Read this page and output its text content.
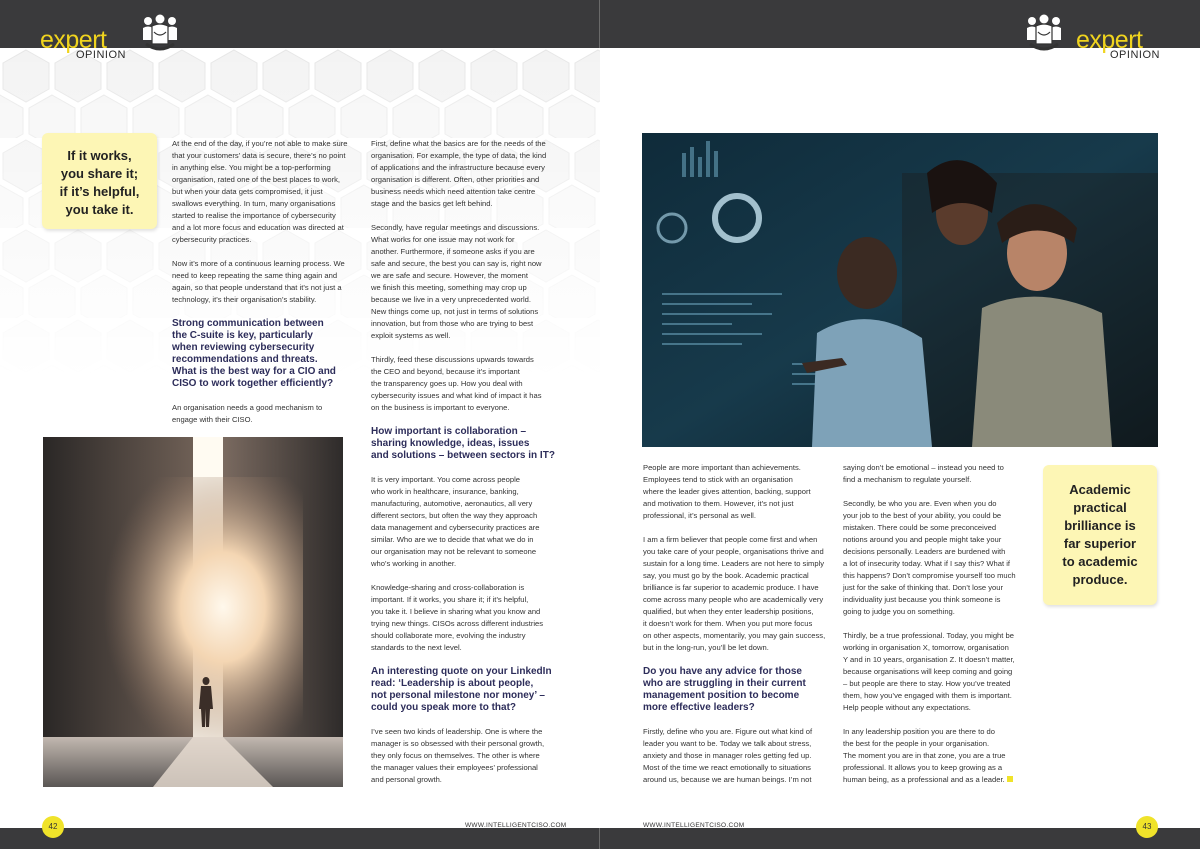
expert
OPINION
expert
OPINION
If it works,
you share it;
if it’s helpful,
you take it.

At the end of the day, if you’re not able to make sure
that your customers’ data is secure, there’s no point
in anything else. You might be a top-performing
organisation, rated one of the best places to work,
but when your data gets compromised, it just
swallows everything. In turn, many organisations
started to realise the importance of cybersecurity
and a lot more focus and education was directed at
cybersecurity practices.

Now it’s more of a continuous learning process. We
need to keep repeating the same thing again and
again, so that people understand that it’s not just a
technology, it’s their organisation’s stability.

Strong communication between
the C-suite is key, particularly
when reviewing cybersecurity
recommendations and threats.
What is the best way for a CIO and
CISO to work together efficiently?

An organisation needs a good mechanism to
engage with their CISO.

First, define what the basics are for the needs of the
organisation. For example, the type of data, the kind
of applications and the infrastructure because every
organisation is different. Often, other priorities and
business needs which need attention take centre
stage and the basics get left behind.

Secondly, have regular meetings and discussions.
What works for one issue may not work for
another. Furthermore, if someone asks if you are
safe and secure, the best you can say is, right now
we are safe and secure. However, the moment
we finish this meeting, something may crop up
because we live in a very unprecedented world.
New things come up, not just in terms of solutions
innovation, but from those who are trying to best
exploit systems as well.

Thirdly, feed these discussions upwards towards
the CEO and beyond, because it’s important
the transparency goes up. How you deal with
cybersecurity issues and what kind of impact it has
on the business is important to everyone.

How important is collaboration –
sharing knowledge, ideas, issues
and solutions – between sectors in IT?

It is very important. You come across people
who work in healthcare, insurance, banking,
manufacturing, automotive, aeronautics, all very
different sectors, but often the way they approach
data management and cybersecurity practices are
similar. Who are we to decide that what we do in
our organisation may not be relevant to someone
who’s working in another.

Knowledge-sharing and cross-collaboration is
important. If it works, you share it; if it’s helpful,
you take it. I believe in sharing what you know and
trying new things. CISOs across different industries
should collaborate more, evolving the industry
standards to the next level.

An interesting quote on your LinkedIn
read: ‘Leadership is about people,
not personal milestone nor money’ –
could you speak more to that?

I’ve seen two kinds of leadership. One is where the
manager is so obsessed with their personal growth,
they only focus on themselves. The other is where
the manager values their employees’ professional
and personal growth.

People are more important than achievements.
Employees tend to stick with an organisation
where the leader gives attention, backing, support
and motivation to them. However, it’s not just
professional, it’s personal as well.

I am a firm believer that people come first and when
you take care of your people, organisations thrive and
sustain for a long time. Leaders are not here to simply
say, you must go by the book. Academic practical
brilliance is far superior to academic produce. I have
come across many people who are academically very
qualified, but when they enter leadership positions,
it doesn’t work for them. When you put more focus
on other aspects, momentarily, you may gain success,
but in the long-run, you’ll be let down.

Do you have any advice for those
who are struggling in their current
management position to become
more effective leaders?

Firstly, define who you are. Figure out what kind of
leader you want to be. Today we talk about stress,
anxiety and those in manager roles getting fed up.
Most of the time we react emotionally to situations
around us, because we are human beings. I’m not

saying don’t be emotional – instead you need to
find a mechanism to regulate yourself.

Secondly, be who you are. Even when you do
your job to the best of your ability, you could be
mistaken. There could be some preconceived
notions around you and people might take your
decisions personally. Leaders are burdened with
a lot of insecurity today. What if I say this? What if
this happens? Don’t compromise yourself too much
just for the sake of thinking that. Don’t lose your
individuality just because you think someone is
going to judge you on something.

Thirdly, be a true professional. Today, you might be
working in organisation X, tomorrow, organisation
Y and in 10 years, organisation Z. It doesn’t matter,
because organisations will keep coming and going
– but people are there to stay. How you’ve treated
them, how you’ve engaged with them is important.
Help people without any expectations.

In any leadership position you are there to do
the best for the people in your organisation.
The moment you are in that zone, you are a true
professional. It allows you to keep growing as a
human being, as a professional and as a leader.

Academic
practical
brilliance is
far superior
to academic
produce.
42	43
WWW.INTELLIGENTCISO.COM	WWW.INTELLIGENTCISO.COM
